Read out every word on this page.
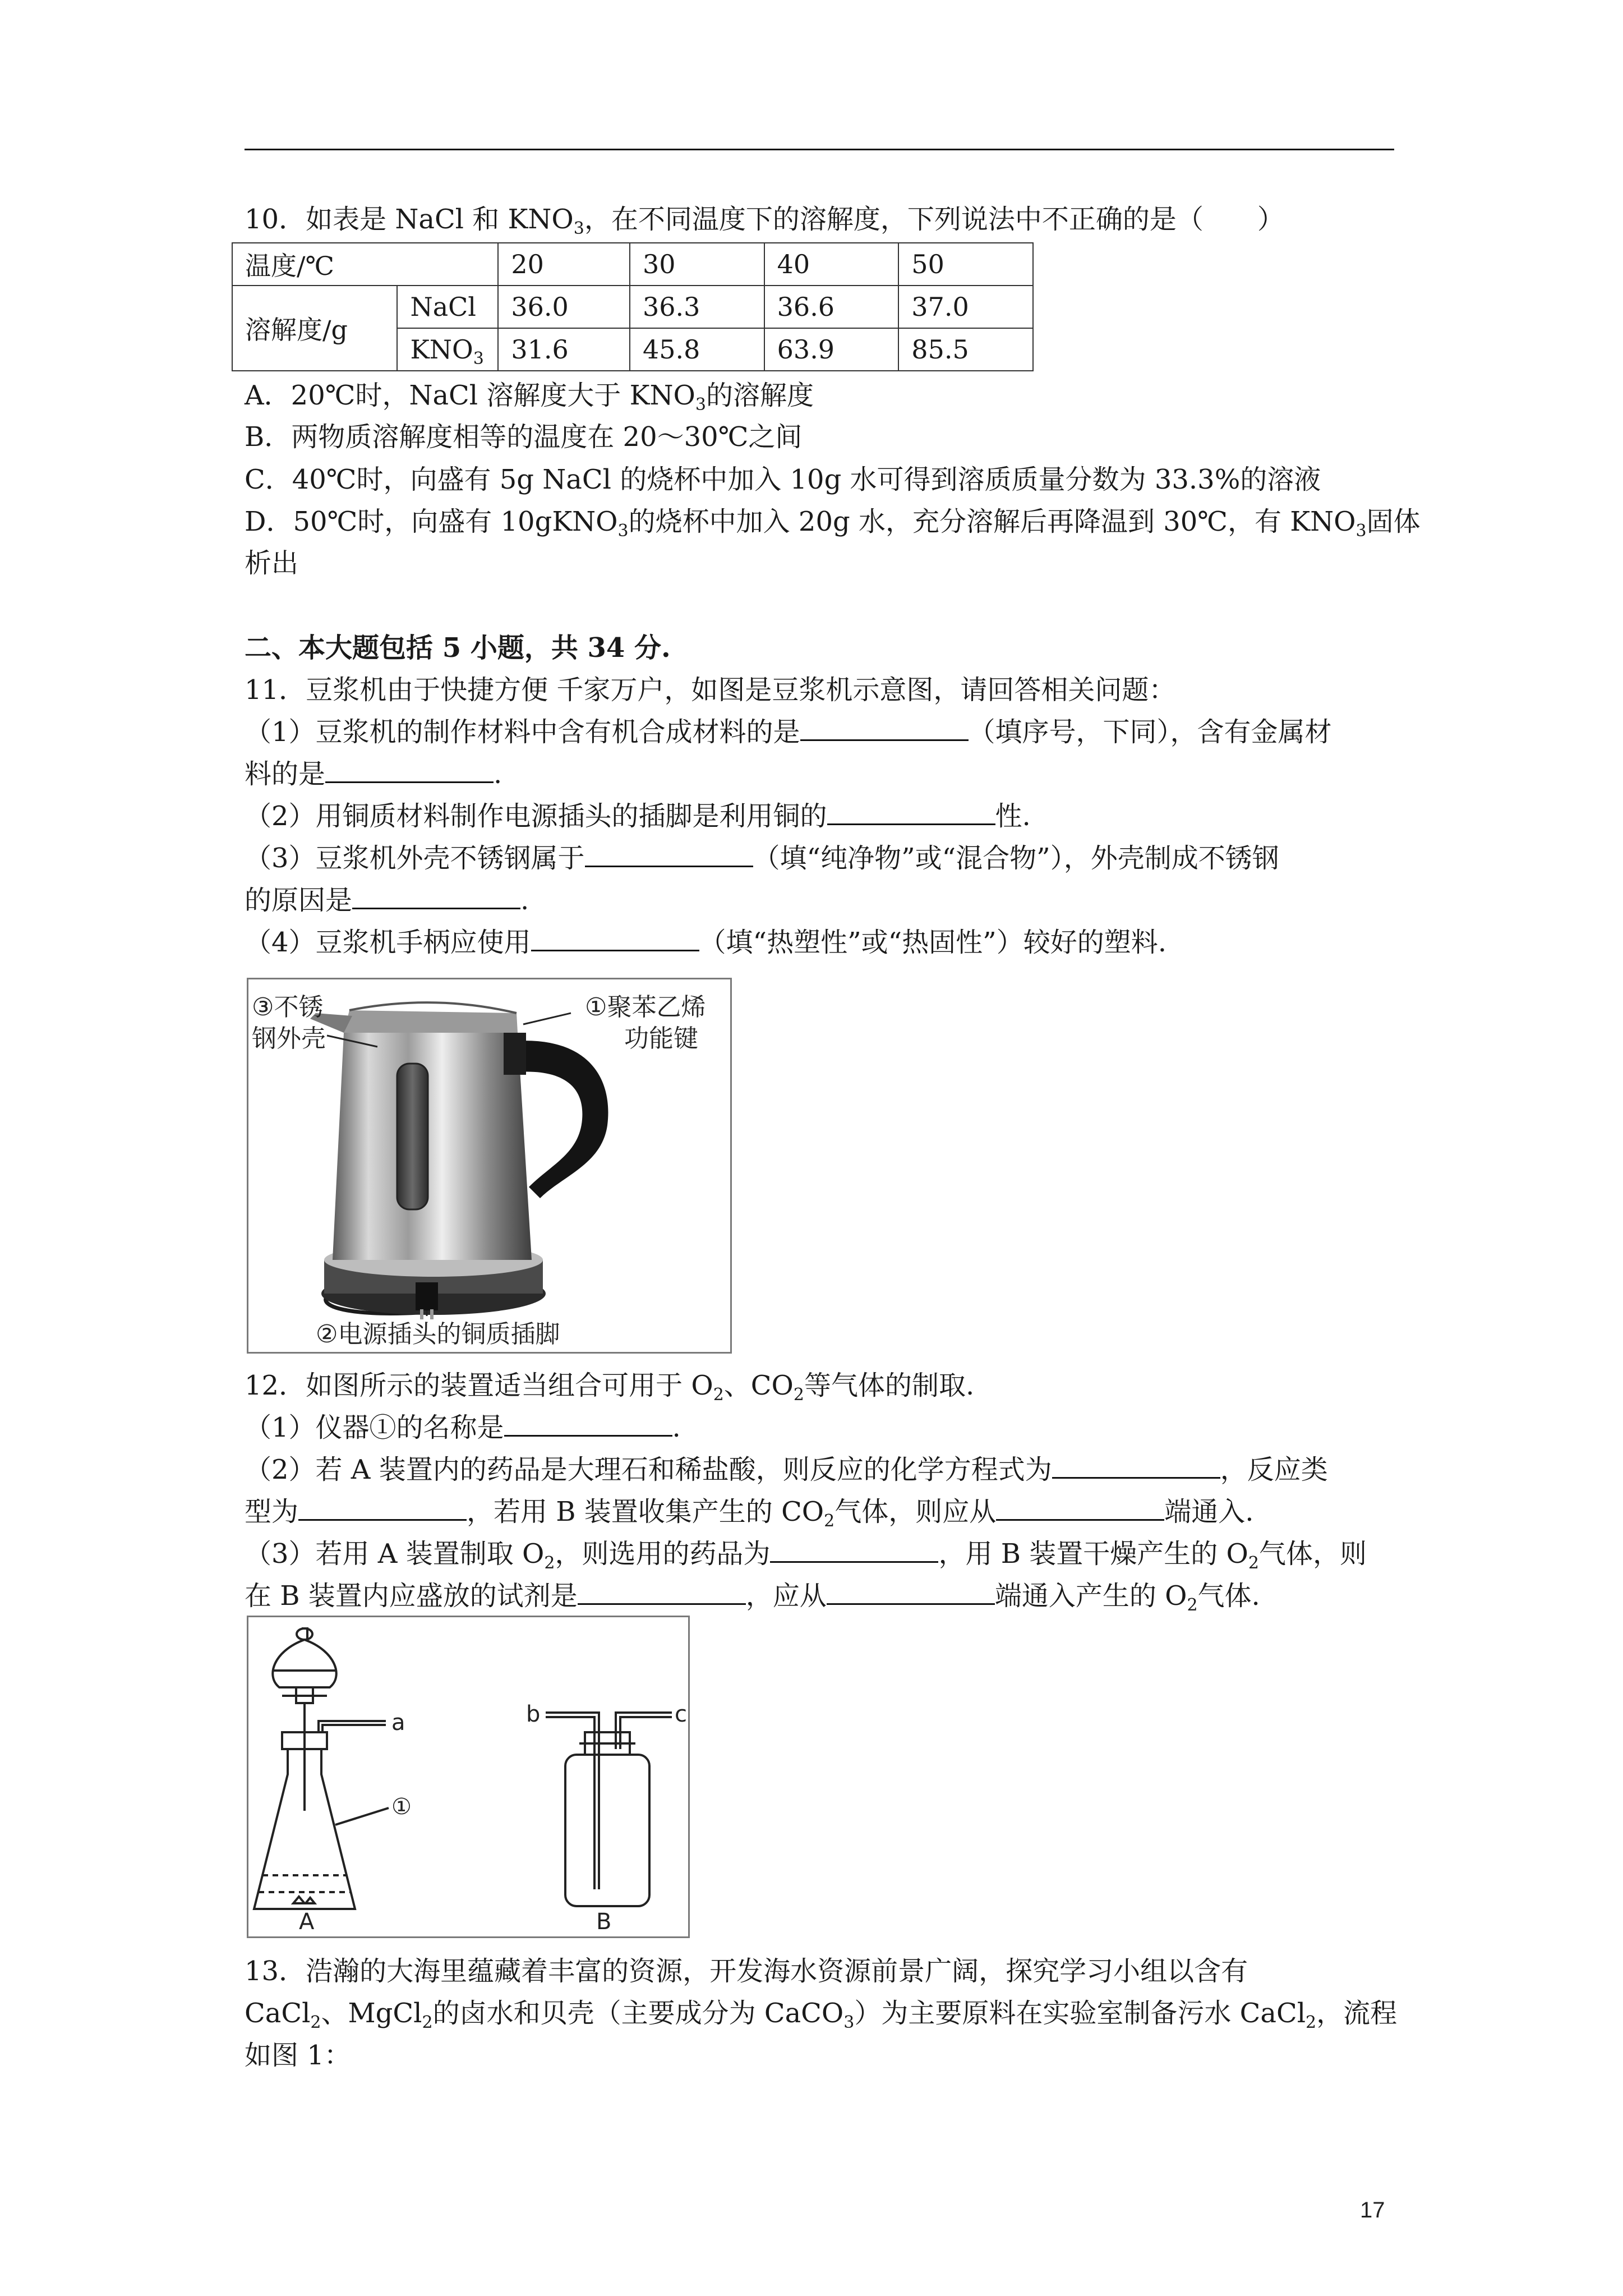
10．如表是 NaCl 和 $KNO_3$，在不同温度下的溶解度，下列说法中不正确的是（　　）
温度/℃		20	30	40	50
溶解度/g	NaCl	36.0	36.3	36.6	37.0
	$KNO_3$	31.6	45.8	63.9	85.5
A．20℃时，NaCl 溶解度大于 $KNO_3$的溶解度
B．两物质溶解度相等的温度在 20～30℃之间
C．40℃时，向盛有 5g NaCl 的烧杯中加入 10g 水可得到溶质质量分数为 33.3%的溶液
D．50℃时，向盛有 10gKNO$_3$的烧杯中加入 20g 水，充分溶解后再降温到 30℃，有 $KNO_3$固体
析出
二、本大题包括 5 小题，共 34 分.
11．豆浆机由于快捷方便 千家万户，如图是豆浆机示意图，请回答相关问题：
（1）豆浆机的制作材料中含有机合成材料的是	（填序号，下同），含有金属材
料的是	.
（2）用铜质材料制作电源插头的插脚是利用铜的	性.
（3）豆浆机外壳不锈钢属于	（填“纯净物”或“混合物”），外壳制成不锈钢
的原因是	.
（4）豆浆机手柄应使用	（填“热塑性”或“热固性”）较好的塑料.
③不锈
钢外壳
①聚苯乙烯
功能键
②电源插头的铜质插脚
12．如图所示的装置适当组合可用于 $O_2$、$CO_2$等气体的制取.
（1）仪器①的名称是	.
（2）若 A 装置内的药品是大理石和稀盐酸，则反应的化学方程式为	，反应类
型为	，若用 B 装置收集产生的 $CO_2$气体，则应从	端通入.
（3）若用 A 装置制取 $O_2$，则选用的药品为	，用 B 装置干燥产生的 $O_2$气体，则
在 B 装置内应盛放的试剂是	，应从	端通入产生的 $O_2$气体.
a	b	c
①
A	B
13．浩瀚的大海里蕴藏着丰富的资源，开发海水资源前景广阔，探究学习小组以含有
CaCl$_2$、MgCl$_2$的卤水和贝壳（主要成分为 CaCO$_3$）为主要原料在实验室制备污水 CaCl$_2$，流程
如图 1：
17
